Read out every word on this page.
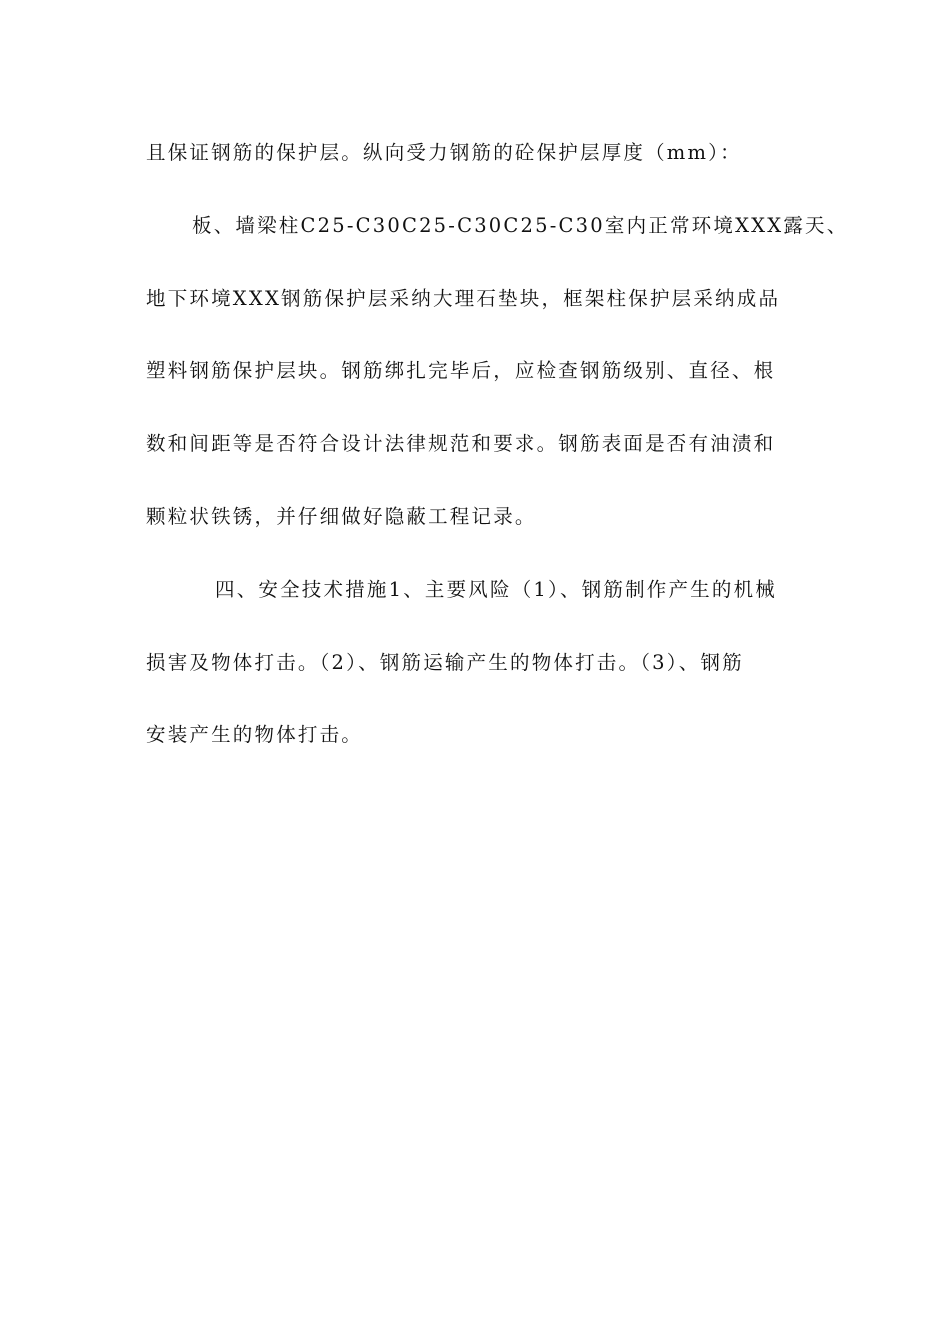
且保证钢筋的保护层。纵向受力钢筋的砼保护层厚度（mm）：
板、墙梁柱C25-C30C25-C30C25-C30室内正常环境XXX露天、
地下环境XXX钢筋保护层采纳大理石垫块，框架柱保护层采纳成品
塑料钢筋保护层块。钢筋绑扎完毕后，应检查钢筋级别、直径、根
数和间距等是否符合设计法律规范和要求。钢筋表面是否有油渍和
颗粒状铁锈，并仔细做好隐蔽工程记录。
四、安全技术措施1、主要风险（1）、钢筋制作产生的机械
损害及物体打击。（2）、钢筋运输产生的物体打击。（3）、钢筋
安装产生的物体打击。
